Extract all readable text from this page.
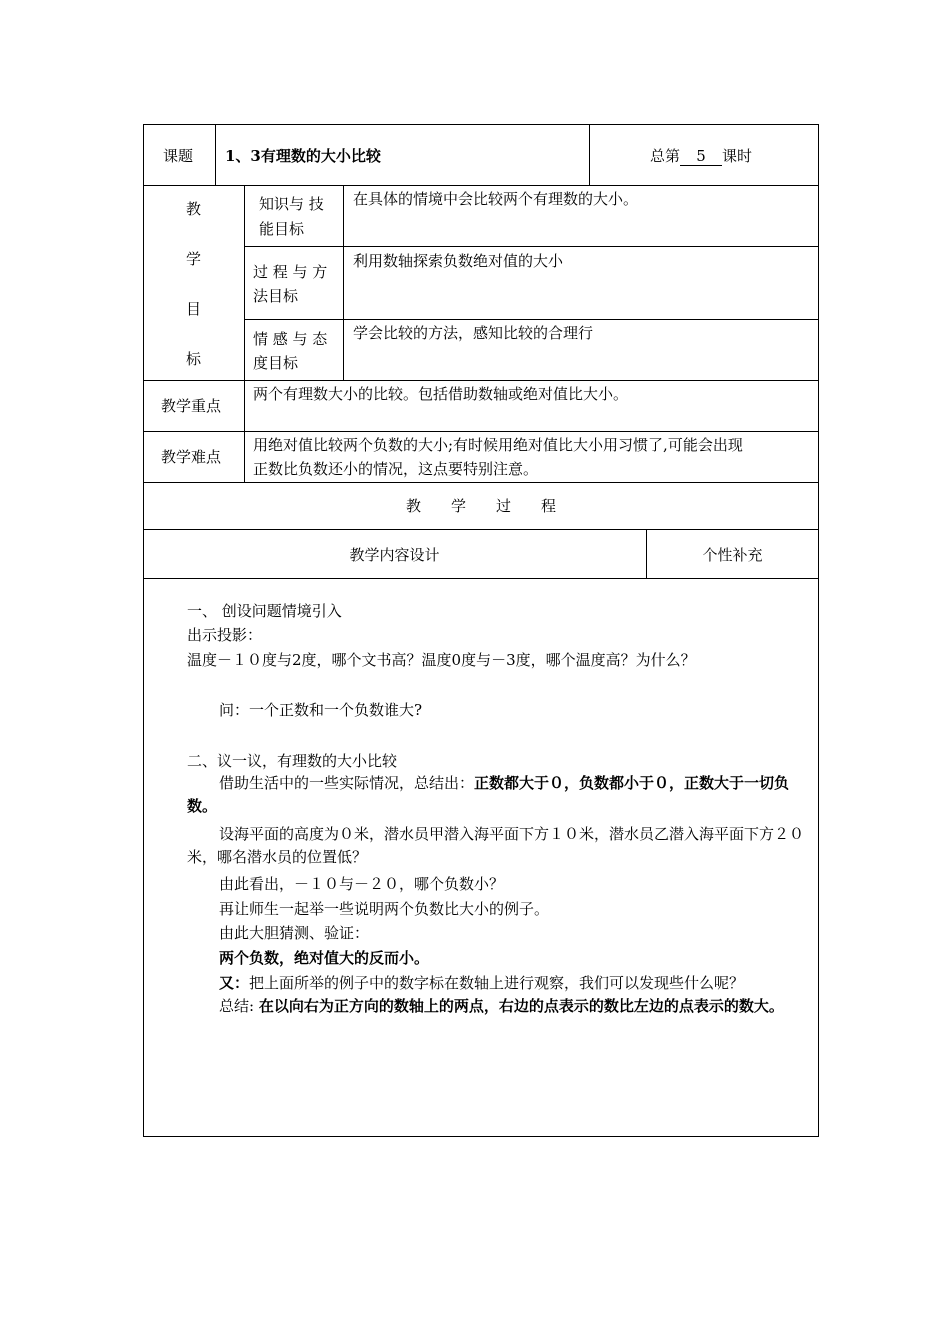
课题 1、3有理数的大小比较	总第 5 课时
教
学
目
标
知识与 技
能目标
在具体的情境中会比较两个有理数的大小。
过 程 与 方
法目标
利用数轴探索负数绝对值的大小
情 感 与 态
度目标
学会比较的方法，感知比较的合理行
教学重点
两个有理数大小的比较。包括借助数轴或绝对值比大小。
教学难点
用绝对值比较两个负数的大小;有时候用绝对值比大小用习惯了,可能会出现
正数比负数还小的情况，这点要特别注意。
教　　学　　过　　程
教学内容设计	个性补充
一、 创设问题情境引入
出示投影：
温度－１０度与2度，哪个文书高？温度0度与－3度，哪个温度高？为什么？
问：一个正数和一个负数谁大?
二、议一议，有理数的大小比较
借助生活中的一些实际情况，总结出：正数都大于０，负数都小于０，正数大于一切负数。
设海平面的高度为０米，潜水员甲潜入海平面下方１０米，潜水员乙潜入海平面下方２０米，哪名潜水员的位置低？
由此看出，－１０与－２０，哪个负数小？
再让师生一起举一些说明两个负数比大小的例子。
由此大胆猜测、验证：
两个负数，绝对值大的反而小。
又：把上面所举的例子中的数字标在数轴上进行观察，我们可以发现些什么呢？
总结: 在以向右为正方向的数轴上的两点，右边的点表示的数比左边的点表示的数大。
